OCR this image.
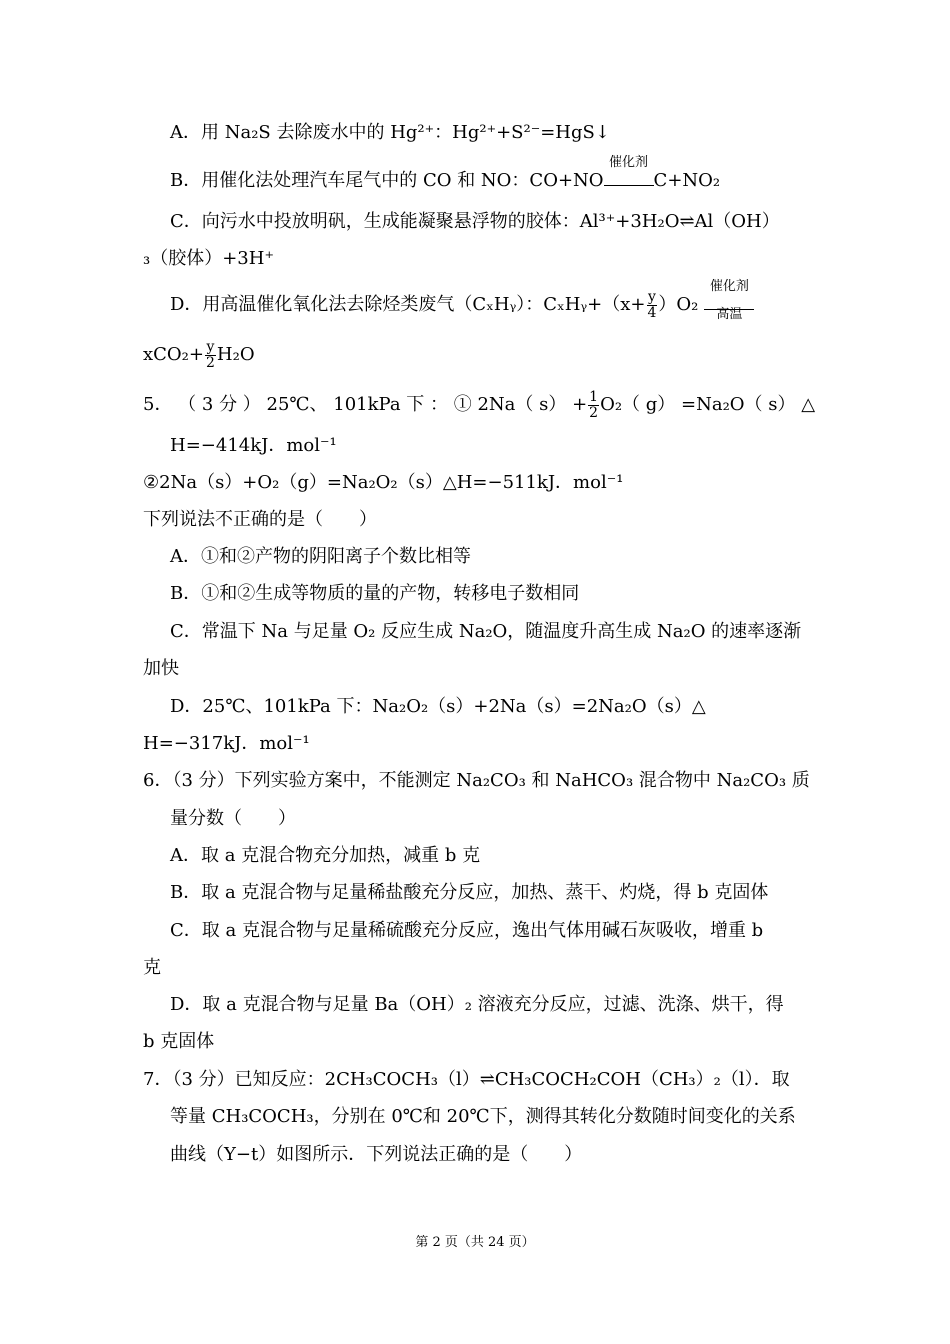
A．用 Na₂S 去除废水中的 Hg²⁺：Hg²⁺+S²⁻=HgS↓
B．用催化法处理汽车尾气中的 CO 和 NO：CO+NO
催化剂
C+NO₂
C．向污水中投放明矾，生成能凝聚悬浮物的胶体：Al³⁺+3H₂O⇌Al（OH）
₃（胶体）+3H⁺
D．用高温催化氧化法去除烃类废气（CₓHᵧ）：CₓHᵧ+（x+ $\frac{y}{4} )O_2$
催化剂
高温
$xCO_2+ \frac{y}{2} H_2O$
5． （ 3 分 ） 25℃、 101kPa 下 ： ① 2Na（ $s) + \frac{1}{2} O_2$（ g） =Na₂O（ s） △
H=−414kJ．mol⁻¹
②2Na（s）+O₂（g）=Na₂O₂（s）△H=−511kJ．mol⁻¹
下列说法不正确的是（　　）
A．①和②产物的阴阳离子个数比相等
B．①和②生成等物质的量的产物，转移电子数相同
C．常温下 Na 与足量 O₂ 反应生成 Na₂O，随温度升高生成 Na₂O 的速率逐渐
加快
D．25℃、101kPa 下：Na₂O₂（s）+2Na（s）=2Na₂O（s）△
H=−317kJ．mol⁻¹
6．（3 分）下列实验方案中，不能测定 Na₂CO₃ 和 NaHCO₃ 混合物中 Na₂CO₃ 质
量分数（　　）
A．取 a 克混合物充分加热，减重 b 克
B．取 a 克混合物与足量稀盐酸充分反应，加热、蒸干、灼烧，得 b 克固体
C．取 a 克混合物与足量稀硫酸充分反应，逸出气体用碱石灰吸收，增重 b
克
D．取 a 克混合物与足量 Ba（OH）₂ 溶液充分反应，过滤、洗涤、烘干，得
b 克固体
7．（3 分）已知反应：2CH₃COCH₃（l）⇌CH₃COCH₂COH（CH₃）₂（l）．取
等量 CH₃COCH₃，分别在 0℃和 20℃下，测得其转化分数随时间变化的关系
曲线（Y−t）如图所示．下列说法正确的是（　　）
第 2 页（共 24 页）
